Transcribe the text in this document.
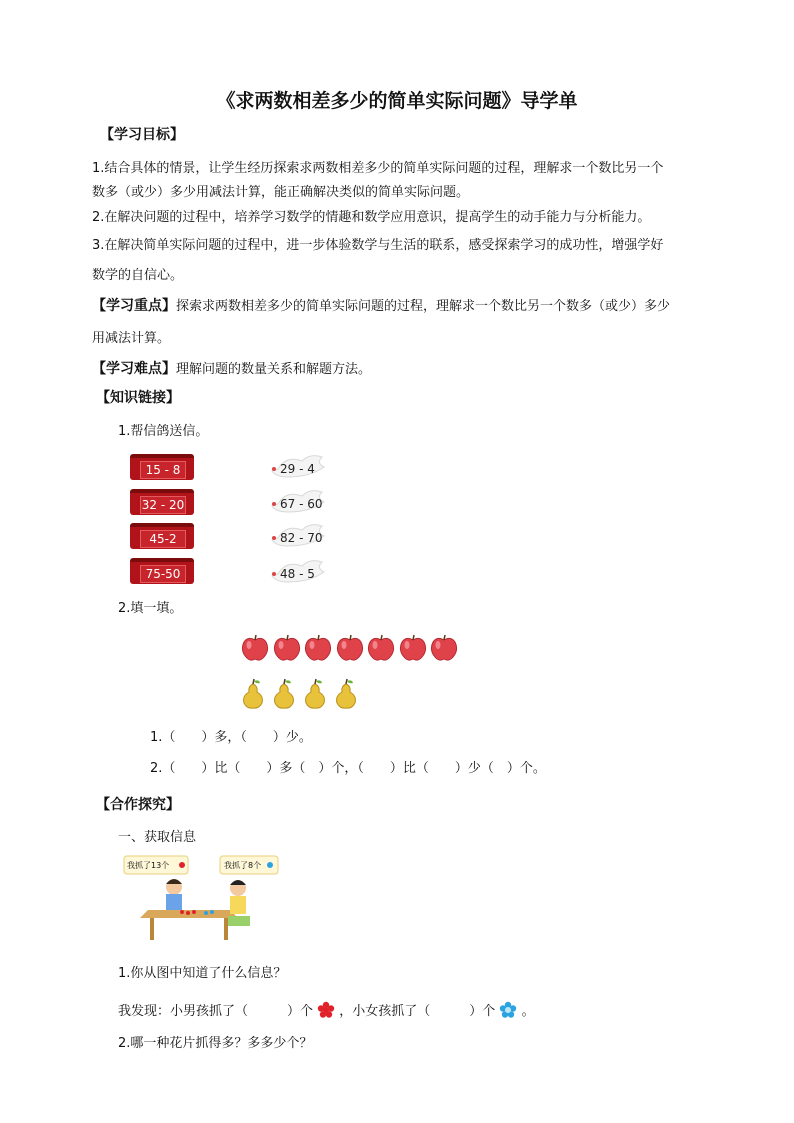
《求两数相差多少的简单实际问题》导学单
【学习目标】
1.结合具体的情景，让学生经历探索求两数相差多少的简单实际问题的过程，理解求一个数比另一个
数多（或少）多少用减法计算，能正确解决类似的简单实际问题。
2.在解决问题的过程中，培养学习数学的情趣和数学应用意识，提高学生的动手能力与分析能力。
3.在解决简单实际问题的过程中，进一步体验数学与生活的联系，感受探索学习的成功性，增强学好
数学的自信心。
【学习重点】探索求两数相差多少的简单实际问题的过程，理解求一个数比另一个数多（或少）多少
用减法计算。
【学习难点】理解问题的数量关系和解题方法。
【知识链接】
1.帮信鸽送信。
15 - 8
32 - 20
45-2
75-50
29 - 4
67 - 60
82 - 70
48 - 5
2.填一填。
1.（　　）多，（　　）少。
2.（　　）比（　　）多（　）个，（　　）比（　　）少（　）个。
【合作探究】
一、获取信息
我抓了13个	我抓了8个
1.你从图中知道了什么信息？
我发现：小男孩抓了（　　　）个 ，小女孩抓了（　　　）个 。
2.哪一种花片抓得多？多多少个？
